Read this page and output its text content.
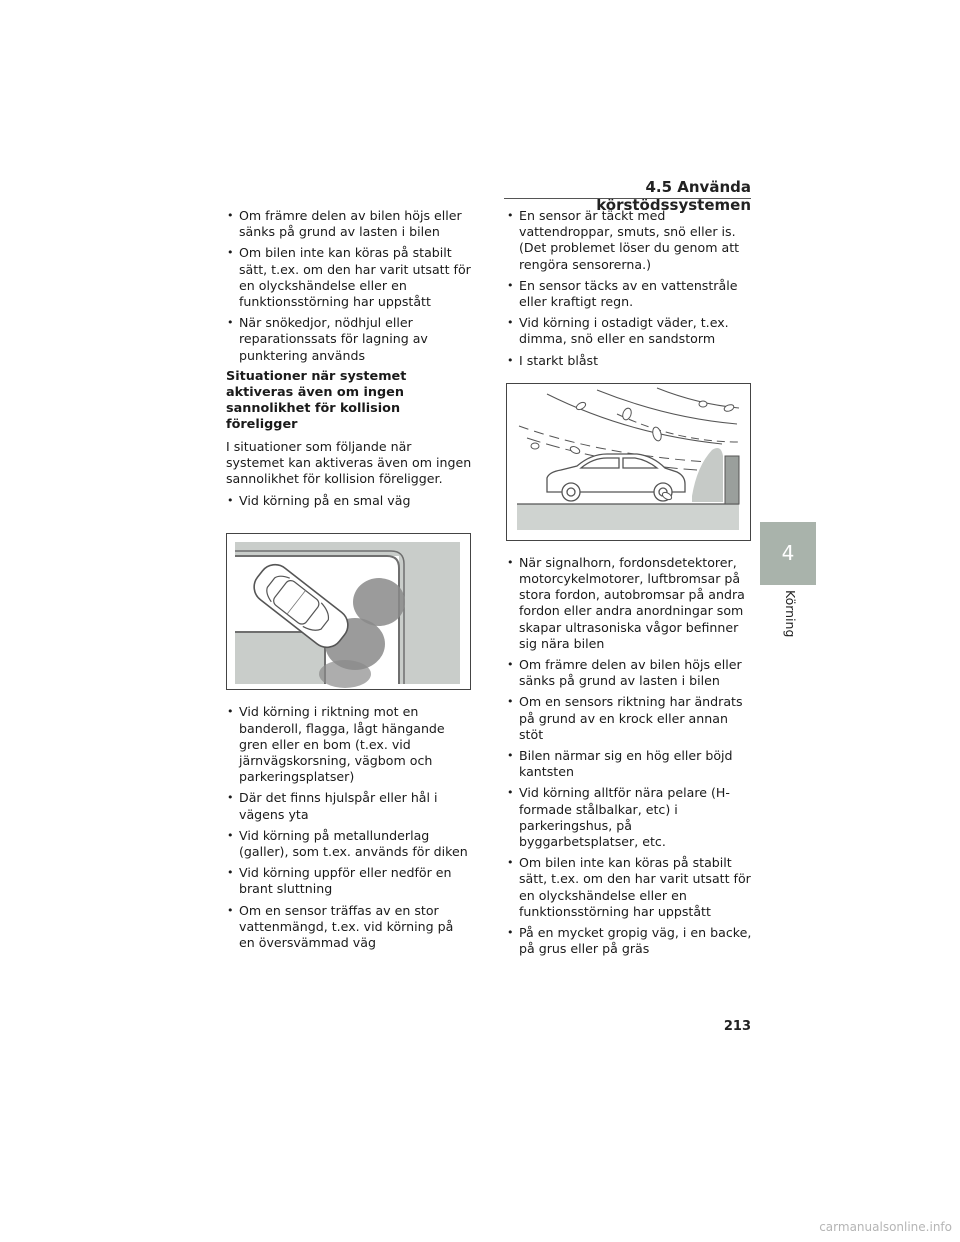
4.5 Använda körstödssystemen
• Om främre delen av bilen höjs eller sänks på grund av lasten i bilen
• Om bilen inte kan köras på stabilt sätt, t.ex. om den har varit utsatt för en olyckshändelse eller en funktionsstörning har uppstått
• När snökedjor, nödhjul eller reparationssats för lagning av punktering används
Situationer när systemet aktiveras även om ingen sannolikhet för kollision föreligger

I situationer som följande när systemet kan aktiveras även om ingen sannolikhet för kollision föreligger.

• Vid körning på en smal väg
• Vid körning i riktning mot en banderoll, flagga, lågt hängande gren eller en bom (t.ex. vid järnvägskorsning, vägbom och parkeringsplatser)
• Där det finns hjulspår eller hål i vägens yta
• Vid körning på metallunderlag (galler), som t.ex. används för diken
• Vid körning uppför eller nedför en brant sluttning
• Om en sensor träffas av en stor vattenmängd, t.ex. vid körning på en översvämmad väg
• En sensor är täckt med vattendroppar, smuts, snö eller is. (Det problemet löser du genom att rengöra sensorerna.)
• En sensor täcks av en vattenstråle eller kraftigt regn.
• Vid körning i ostadigt väder, t.ex. dimma, snö eller en sandstorm
• I starkt blåst
• När signalhorn, fordonsdetektorer, motorcykelmotorer, luftbromsar på stora fordon, autobromsar på andra fordon eller andra anordningar som skapar ultrasoniska vågor befinner sig nära bilen
• Om främre delen av bilen höjs eller sänks på grund av lasten i bilen
• Om en sensors riktning har ändrats på grund av en krock eller annan stöt
• Bilen närmar sig en hög eller böjd kantsten
• Vid körning alltför nära pelare (H-formade stålbalkar, etc) i parkeringshus, på byggarbetsplatser, etc.
• Om bilen inte kan köras på stabilt sätt, t.ex. om den har varit utsatt för en olyckshändelse eller en funktionsstörning har uppstått
• På en mycket gropig väg, i en backe, på grus eller på gräs
4
Körning
213
carmanualsonline.info
